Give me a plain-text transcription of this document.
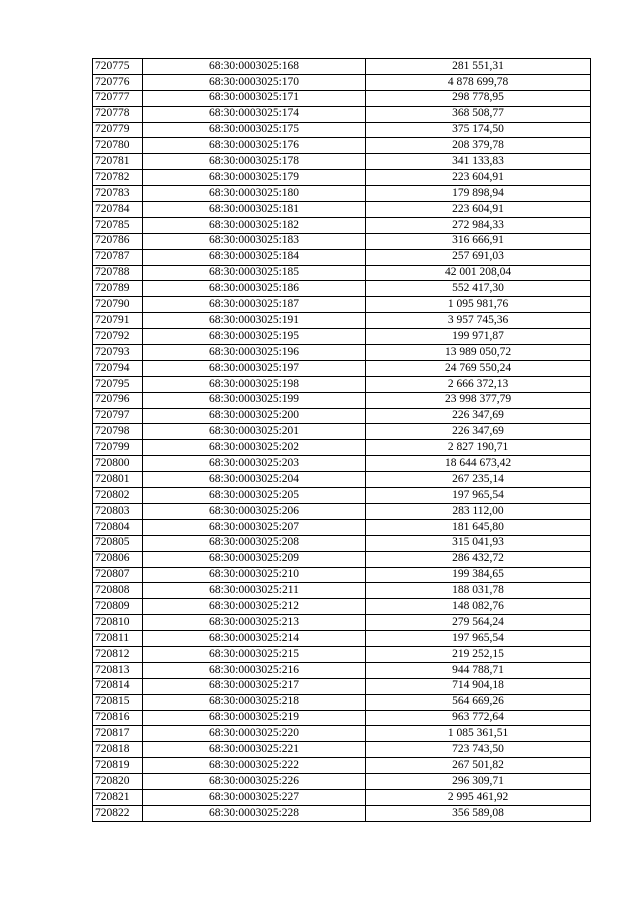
720775	68:30:0003025:168	281 551,31
720776	68:30:0003025:170	4 878 699,78
720777	68:30:0003025:171	298 778,95
720778	68:30:0003025:174	368 508,77
720779	68:30:0003025:175	375 174,50
720780	68:30:0003025:176	208 379,78
720781	68:30:0003025:178	341 133,83
720782	68:30:0003025:179	223 604,91
720783	68:30:0003025:180	179 898,94
720784	68:30:0003025:181	223 604,91
720785	68:30:0003025:182	272 984,33
720786	68:30:0003025:183	316 666,91
720787	68:30:0003025:184	257 691,03
720788	68:30:0003025:185	42 001 208,04
720789	68:30:0003025:186	552 417,30
720790	68:30:0003025:187	1 095 981,76
720791	68:30:0003025:191	3 957 745,36
720792	68:30:0003025:195	199 971,87
720793	68:30:0003025:196	13 989 050,72
720794	68:30:0003025:197	24 769 550,24
720795	68:30:0003025:198	2 666 372,13
720796	68:30:0003025:199	23 998 377,79
720797	68:30:0003025:200	226 347,69
720798	68:30:0003025:201	226 347,69
720799	68:30:0003025:202	2 827 190,71
720800	68:30:0003025:203	18 644 673,42
720801	68:30:0003025:204	267 235,14
720802	68:30:0003025:205	197 965,54
720803	68:30:0003025:206	283 112,00
720804	68:30:0003025:207	181 645,80
720805	68:30:0003025:208	315 041,93
720806	68:30:0003025:209	286 432,72
720807	68:30:0003025:210	199 384,65
720808	68:30:0003025:211	188 031,78
720809	68:30:0003025:212	148 082,76
720810	68:30:0003025:213	279 564,24
720811	68:30:0003025:214	197 965,54
720812	68:30:0003025:215	219 252,15
720813	68:30:0003025:216	944 788,71
720814	68:30:0003025:217	714 904,18
720815	68:30:0003025:218	564 669,26
720816	68:30:0003025:219	963 772,64
720817	68:30:0003025:220	1 085 361,51
720818	68:30:0003025:221	723 743,50
720819	68:30:0003025:222	267 501,82
720820	68:30:0003025:226	296 309,71
720821	68:30:0003025:227	2 995 461,92
720822	68:30:0003025:228	356 589,08
